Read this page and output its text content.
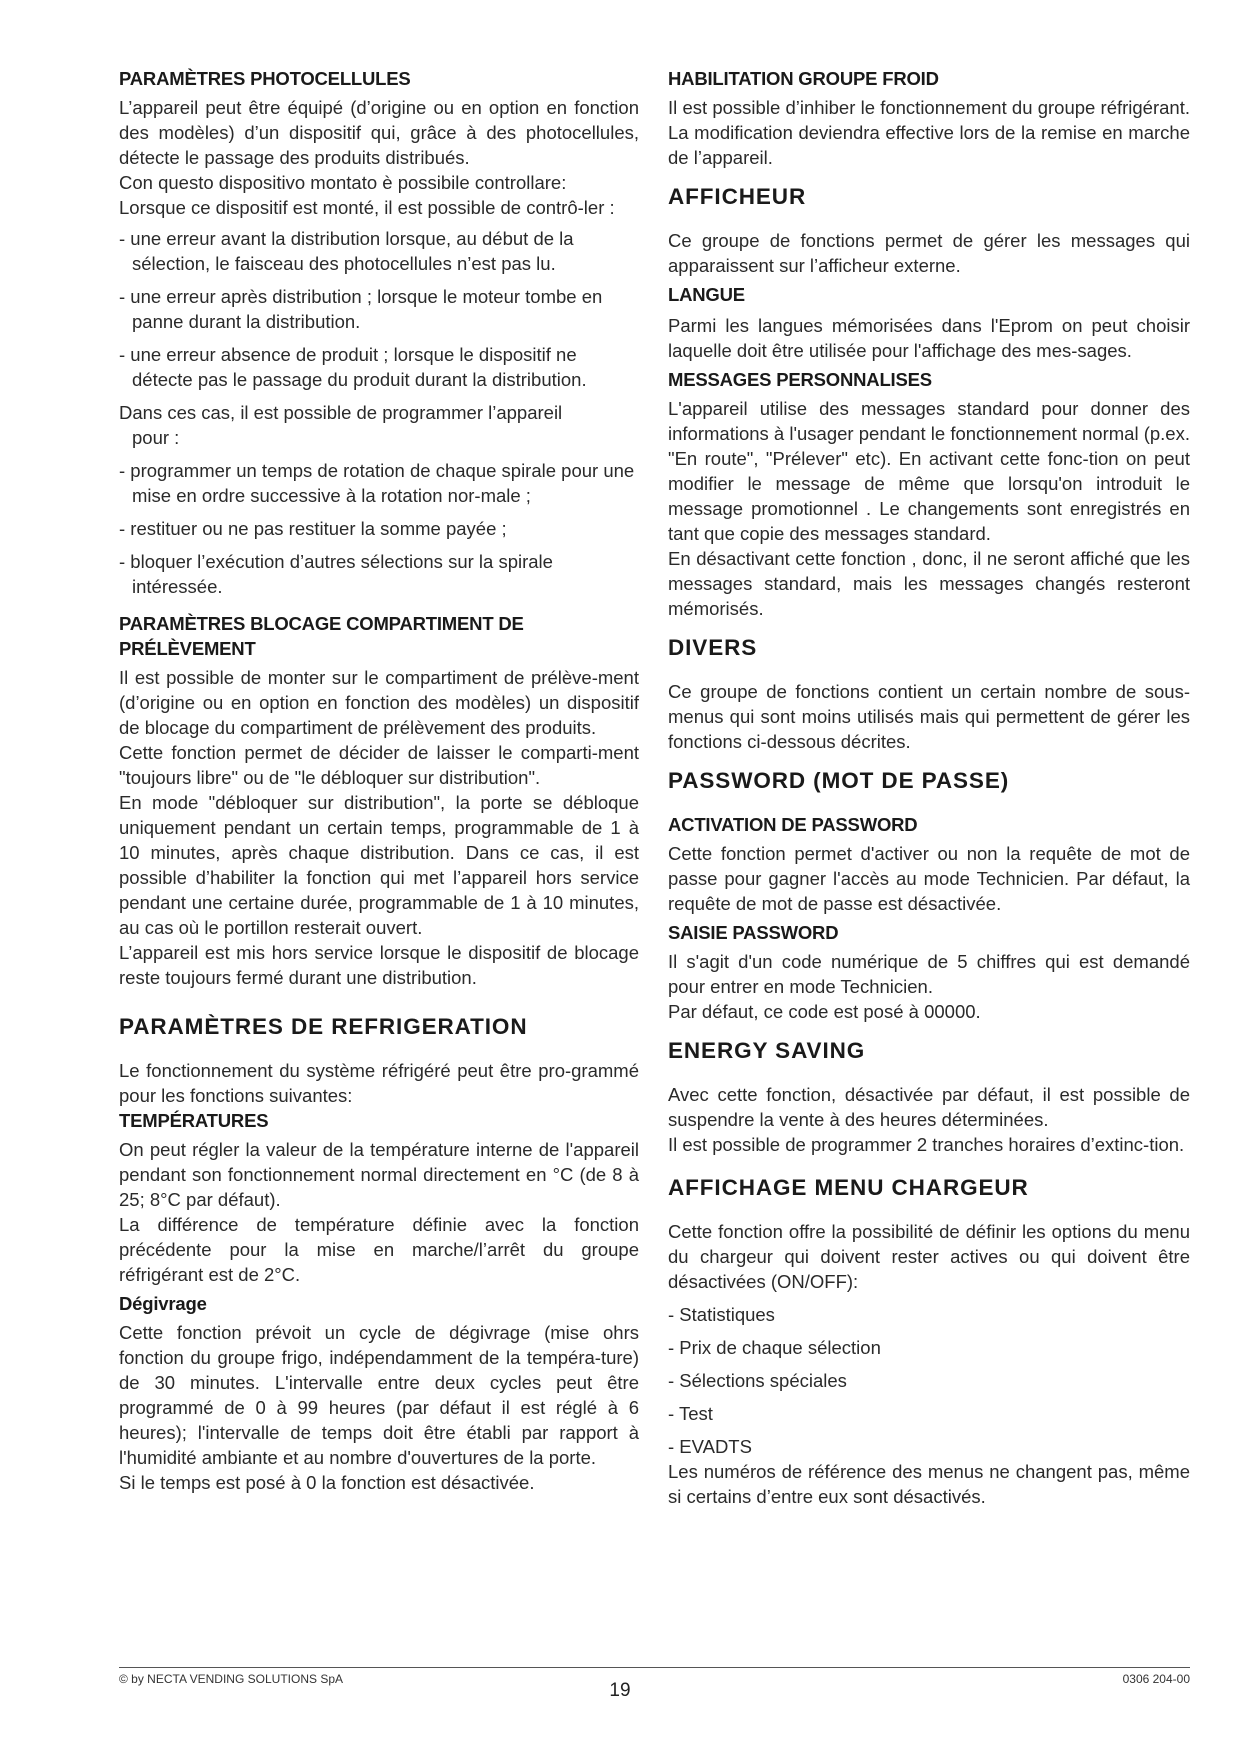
PARAMÈTRES PHOTOCELLULES

L’appareil peut être équipé (d’origine ou en option en fonction des modèles) d’un dispositif qui, grâce à des photocellules, détecte le passage des produits distribués.

Con questo dispositivo montato è possibile controllare:

Lorsque ce dispositif est monté, il est possible de contrô-ler :

- une erreur avant la distribution lorsque, au début de la sélection, le faisceau des photocellules n’est pas lu.

- une erreur après distribution ; lorsque le moteur tombe en panne durant la distribution.

- une erreur absence de produit ; lorsque le dispositif ne détecte pas le passage du produit durant la distribution.

Dans ces cas, il est possible de programmer l’appareil

pour :

- programmer un temps de rotation de chaque spirale pour une mise en ordre successive à la rotation nor-male ;

- restituer ou ne pas restituer la somme payée ;

- bloquer l’exécution d’autres sélections sur la spirale intéressée.

PARAMÈTRES BLOCAGE COMPARTIMENT DE

PRÉLÈVEMENT

Il est possible de monter sur le compartiment de prélève-ment (d’origine ou en option en fonction des modèles) un dispositif de blocage du compartiment de prélèvement des produits.

Cette fonction permet de décider de laisser le comparti-ment "toujours libre" ou de "le débloquer sur distribution".

En mode "débloquer sur distribution", la porte se débloque uniquement pendant un certain temps, programmable de 1 à 10 minutes, après chaque distribution. Dans ce cas, il est possible d’habiliter la fonction qui met l’appareil hors service pendant une certaine durée, programmable de 1 à 10 minutes, au cas où le portillon resterait ouvert.

L’appareil est mis hors service lorsque le dispositif de blocage reste toujours fermé durant une distribution.

PARAMÈTRES DE REFRIGERATION

Le fonctionnement du système réfrigéré peut être pro-grammé pour les fonctions suivantes:

TEMPÉRATURES

On peut régler la valeur de la température interne de l'appareil pendant son fonctionnement normal directement en °C (de 8 à 25; 8°C par défaut).

La différence de température définie avec la fonction précédente pour la mise en marche/l’arrêt du groupe réfrigérant est de 2°C.

Dégivrage

Cette fonction prévoit un cycle de dégivrage (mise ohrs fonction du groupe frigo, indépendamment de la tempéra-ture) de 30 minutes. L'intervalle entre deux cycles peut être programmé de 0 à 99 heures (par défaut il est réglé à 6 heures); l'intervalle de temps doit être établi par rapport à l'humidité ambiante et au nombre d'ouvertures de la porte.

Si le temps est posé à 0 la fonction est désactivée.

HABILITATION GROUPE FROID

Il est possible d’inhiber le fonctionnement du groupe réfrigérant. La modification deviendra effective lors de la remise en marche de l’appareil.

AFFICHEUR

Ce groupe de fonctions permet de gérer les messages qui apparaissent sur l’afficheur externe.

LANGUE

Parmi les langues mémorisées dans l'Eprom on peut choisir laquelle doit être utilisée pour l'affichage des mes-sages.

MESSAGES PERSONNALISES

L'appareil utilise des messages standard pour donner des informations à l'usager pendant le fonctionnement normal (p.ex. "En route", "Prélever" etc). En activant cette fonc-tion on peut modifier le message de même que lorsqu'on introduit le message promotionnel . Le changements sont enregistrés en tant que copie des messages standard.

En désactivant cette fonction , donc, il ne seront affiché que les messages standard, mais les messages changés resteront mémorisés.

DIVERS

Ce groupe de fonctions contient un certain nombre de sous-menus qui sont moins utilisés mais qui permettent de gérer les fonctions ci-dessous décrites.

PASSWORD (MOT DE PASSE)

ACTIVATION DE PASSWORD

Cette fonction permet d'activer ou non la requête de mot de passe pour gagner l'accès au mode Technicien. Par défaut, la requête de mot de passe est désactivée.

SAISIE PASSWORD

Il s'agit d'un code numérique de 5 chiffres qui est demandé pour entrer en mode Technicien.

Par défaut, ce code est posé à 00000.

ENERGY SAVING

Avec cette fonction, désactivée par défaut, il est possible de suspendre la vente à des heures déterminées.

Il est possible de programmer 2 tranches horaires d’extinc-tion.

AFFICHAGE MENU CHARGEUR

Cette fonction offre la possibilité de définir les options du menu du chargeur qui doivent rester actives ou qui doivent être désactivées (ON/OFF):

- Statistiques

- Prix de chaque sélection

- Sélections spéciales

- Test

- EVADTS

Les numéros de référence des menus ne changent pas, même si certains d’entre eux sont désactivés.

© by NECTA VENDING SOLUTIONS SpA
19
0306 204-00
